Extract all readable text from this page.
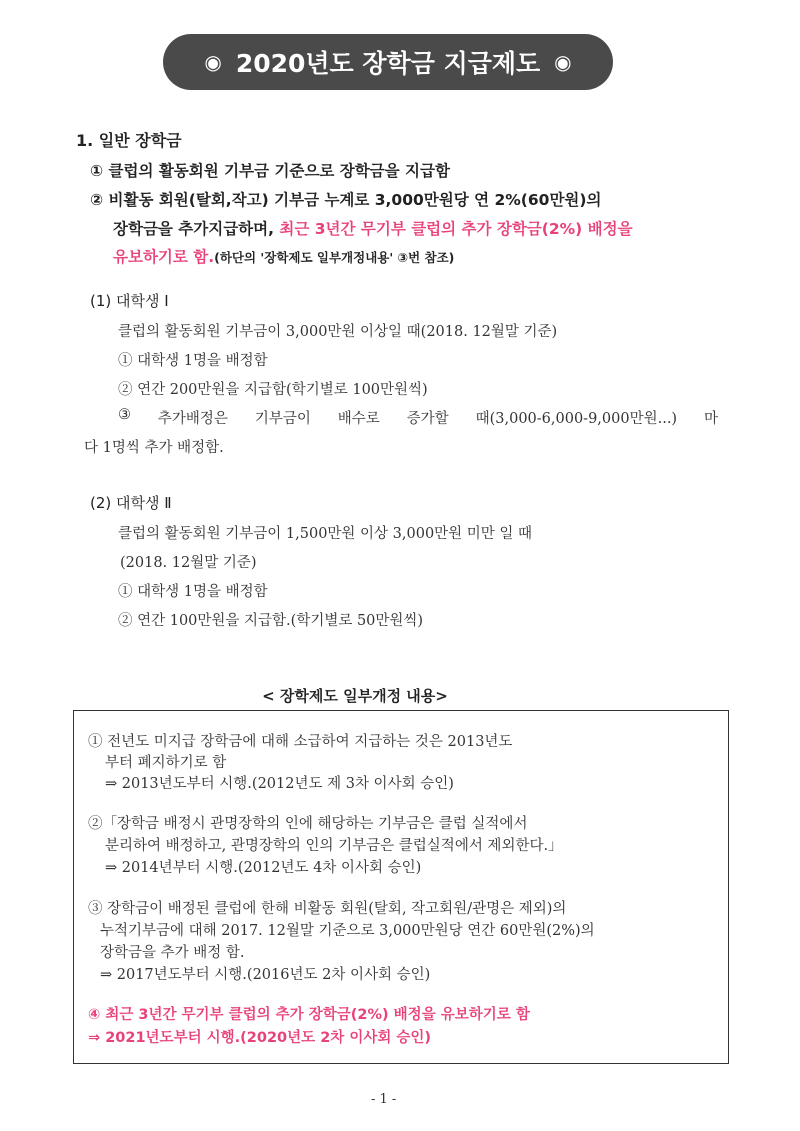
◉ 2020년도 장학금 지급제도 ◉
1. 일반 장학금
① 클럽의 활동회원 기부금 기준으로 장학금을 지급함
② 비활동 회원(탈회,작고) 기부금 누계로 3,000만원당 연 2%(60만원)의
장학금을 추가지급하며, 최근 3년간 무기부 클럽의 추가 장학금(2%) 배정을
유보하기로 함.(하단의 '장학제도 일부개정내용' ③번 참조)
(1) 대학생 Ⅰ
클럽의 활동회원 기부금이 3,000만원 이상일 때(2018. 12월말 기준)
① 대학생 1명을 배정함
② 연간 200만원을 지급함(학기별로 100만원씩)
③ 추가배정은 기부금이 배수로 증가할 때(3,000-6,000-9,000만원...) 마
다 1명씩 추가 배정함.
(2) 대학생 Ⅱ
클럽의 활동회원 기부금이 1,500만원 이상 3,000만원 미만 일 때
(2018. 12월말 기준)
① 대학생 1명을 배정함
② 연간 100만원을 지급함.(학기별로 50만원씩)
< 장학제도 일부개정 내용>
① 전년도 미지급 장학금에 대해 소급하여 지급하는 것은 2013년도
부터 폐지하기로 함
⇒ 2013년도부터 시행.(2012년도 제 3차 이사회 승인)
②「장학금 배정시 관명장학의 인에 해당하는 기부금은 클럽 실적에서
분리하여 배정하고, 관명장학의 인의 기부금은 클럽실적에서 제외한다.」
⇒ 2014년부터 시행.(2012년도 4차 이사회 승인)
③ 장학금이 배정된 클럽에 한해 비활동 회원(탈회, 작고회원/관명은 제외)의
누적기부금에 대해 2017. 12월말 기준으로 3,000만원당 연간 60만원(2%)의
장학금을 추가 배정 함.
⇒ 2017년도부터 시행.(2016년도 2차 이사회 승인)
④ 최근 3년간 무기부 클럽의 추가 장학금(2%) 배정을 유보하기로 함
⇒ 2021년도부터 시행.(2020년도 2차 이사회 승인)
- 1 -
